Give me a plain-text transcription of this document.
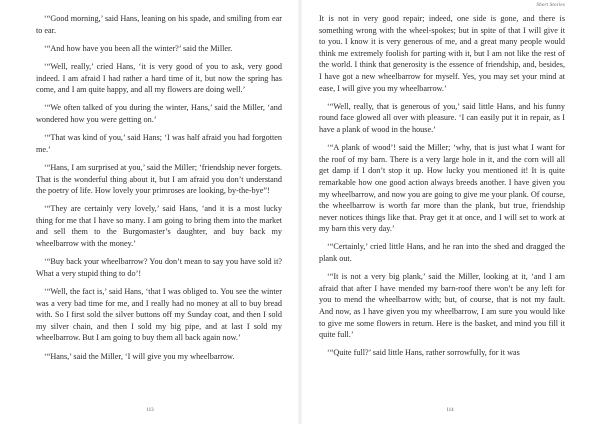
‘“Good morning,’ said Hans, leaning on his spade, and smiling from ear to ear.

‘“And how have you been all the winter?’ said the Miller.

‘“Well, really,’ cried Hans, ‘it is very good of you to ask, very good indeed. I am afraid I had rather a hard time of it, but now the spring has come, and I am quite happy, and all my flowers are doing well.’

‘“We often talked of you during the winter, Hans,’ said the Miller, ‘and wondered how you were getting on.’

‘“That was kind of you,’ said Hans; ‘I was half afraid you had forgotten me.’

‘“Hans, I am surprised at you,’ said the Miller; ‘friendship never forgets. That is the wonderful thing about it, but I am afraid you don’t understand the poetry of life. How lovely your primroses are looking, by-the-bye”!

‘“They are certainly very lovely,’ said Hans, ‘and it is a most lucky thing for me that I have so many. I am going to bring them into the market and sell them to the Burgomaster’s daughter, and buy back my wheelbarrow with the money.’

‘“Buy back your wheelbarrow? You don’t mean to say you have sold it? What a very stupid thing to do’!

‘“Well, the fact is,’ said Hans, ‘that I was obliged to. You see the winter was a very bad time for me, and I really had no money at all to buy bread with. So I first sold the silver buttons off my Sunday coat, and then I sold my silver chain, and then I sold my big pipe, and at last I sold my wheelbarrow. But I am going to buy them all back again now.’

‘“Hans,’ said the Miller, ‘I will give you my wheelbarrow.

113
Short Stories

It is not in very good repair; indeed, one side is gone, and there is something wrong with the wheel-spokes; but in spite of that I will give it to you. I know it is very generous of me, and a great many people would think me extremely foolish for parting with it, but I am not like the rest of the world. I think that generosity is the essence of friendship, and, besides, I have got a new wheelbarrow for myself. Yes, you may set your mind at ease, I will give you my wheelbarrow.’

‘“Well, really, that is generous of you,’ said little Hans, and his funny round face glowed all over with pleasure. ‘I can easily put it in repair, as I have a plank of wood in the house.’

‘“A plank of wood’! said the Miller; ‘why, that is just what I want for the roof of my barn. There is a very large hole in it, and the corn will all get damp if I don’t stop it up. How lucky you mentioned it! It is quite remarkable how one good action always breeds another. I have given you my wheelbarrow, and now you are going to give me your plank. Of course, the wheelbarrow is worth far more than the plank, but true, friendship never notices things like that. Pray get it at once, and I will set to work at my barn this very day.’

‘“Certainly,’ cried little Hans, and he ran into the shed and dragged the plank out.

‘“It is not a very big plank,’ said the Miller, looking at it, ‘and I am afraid that after I have mended my barn-roof there won’t be any left for you to mend the wheelbarrow with; but, of course, that is not my fault. And now, as I have given you my wheelbarrow, I am sure you would like to give me some flowers in return. Here is the basket, and mind you fill it quite full.’

‘“Quite full?’ said little Hans, rather sorrowfully, for it was

114
